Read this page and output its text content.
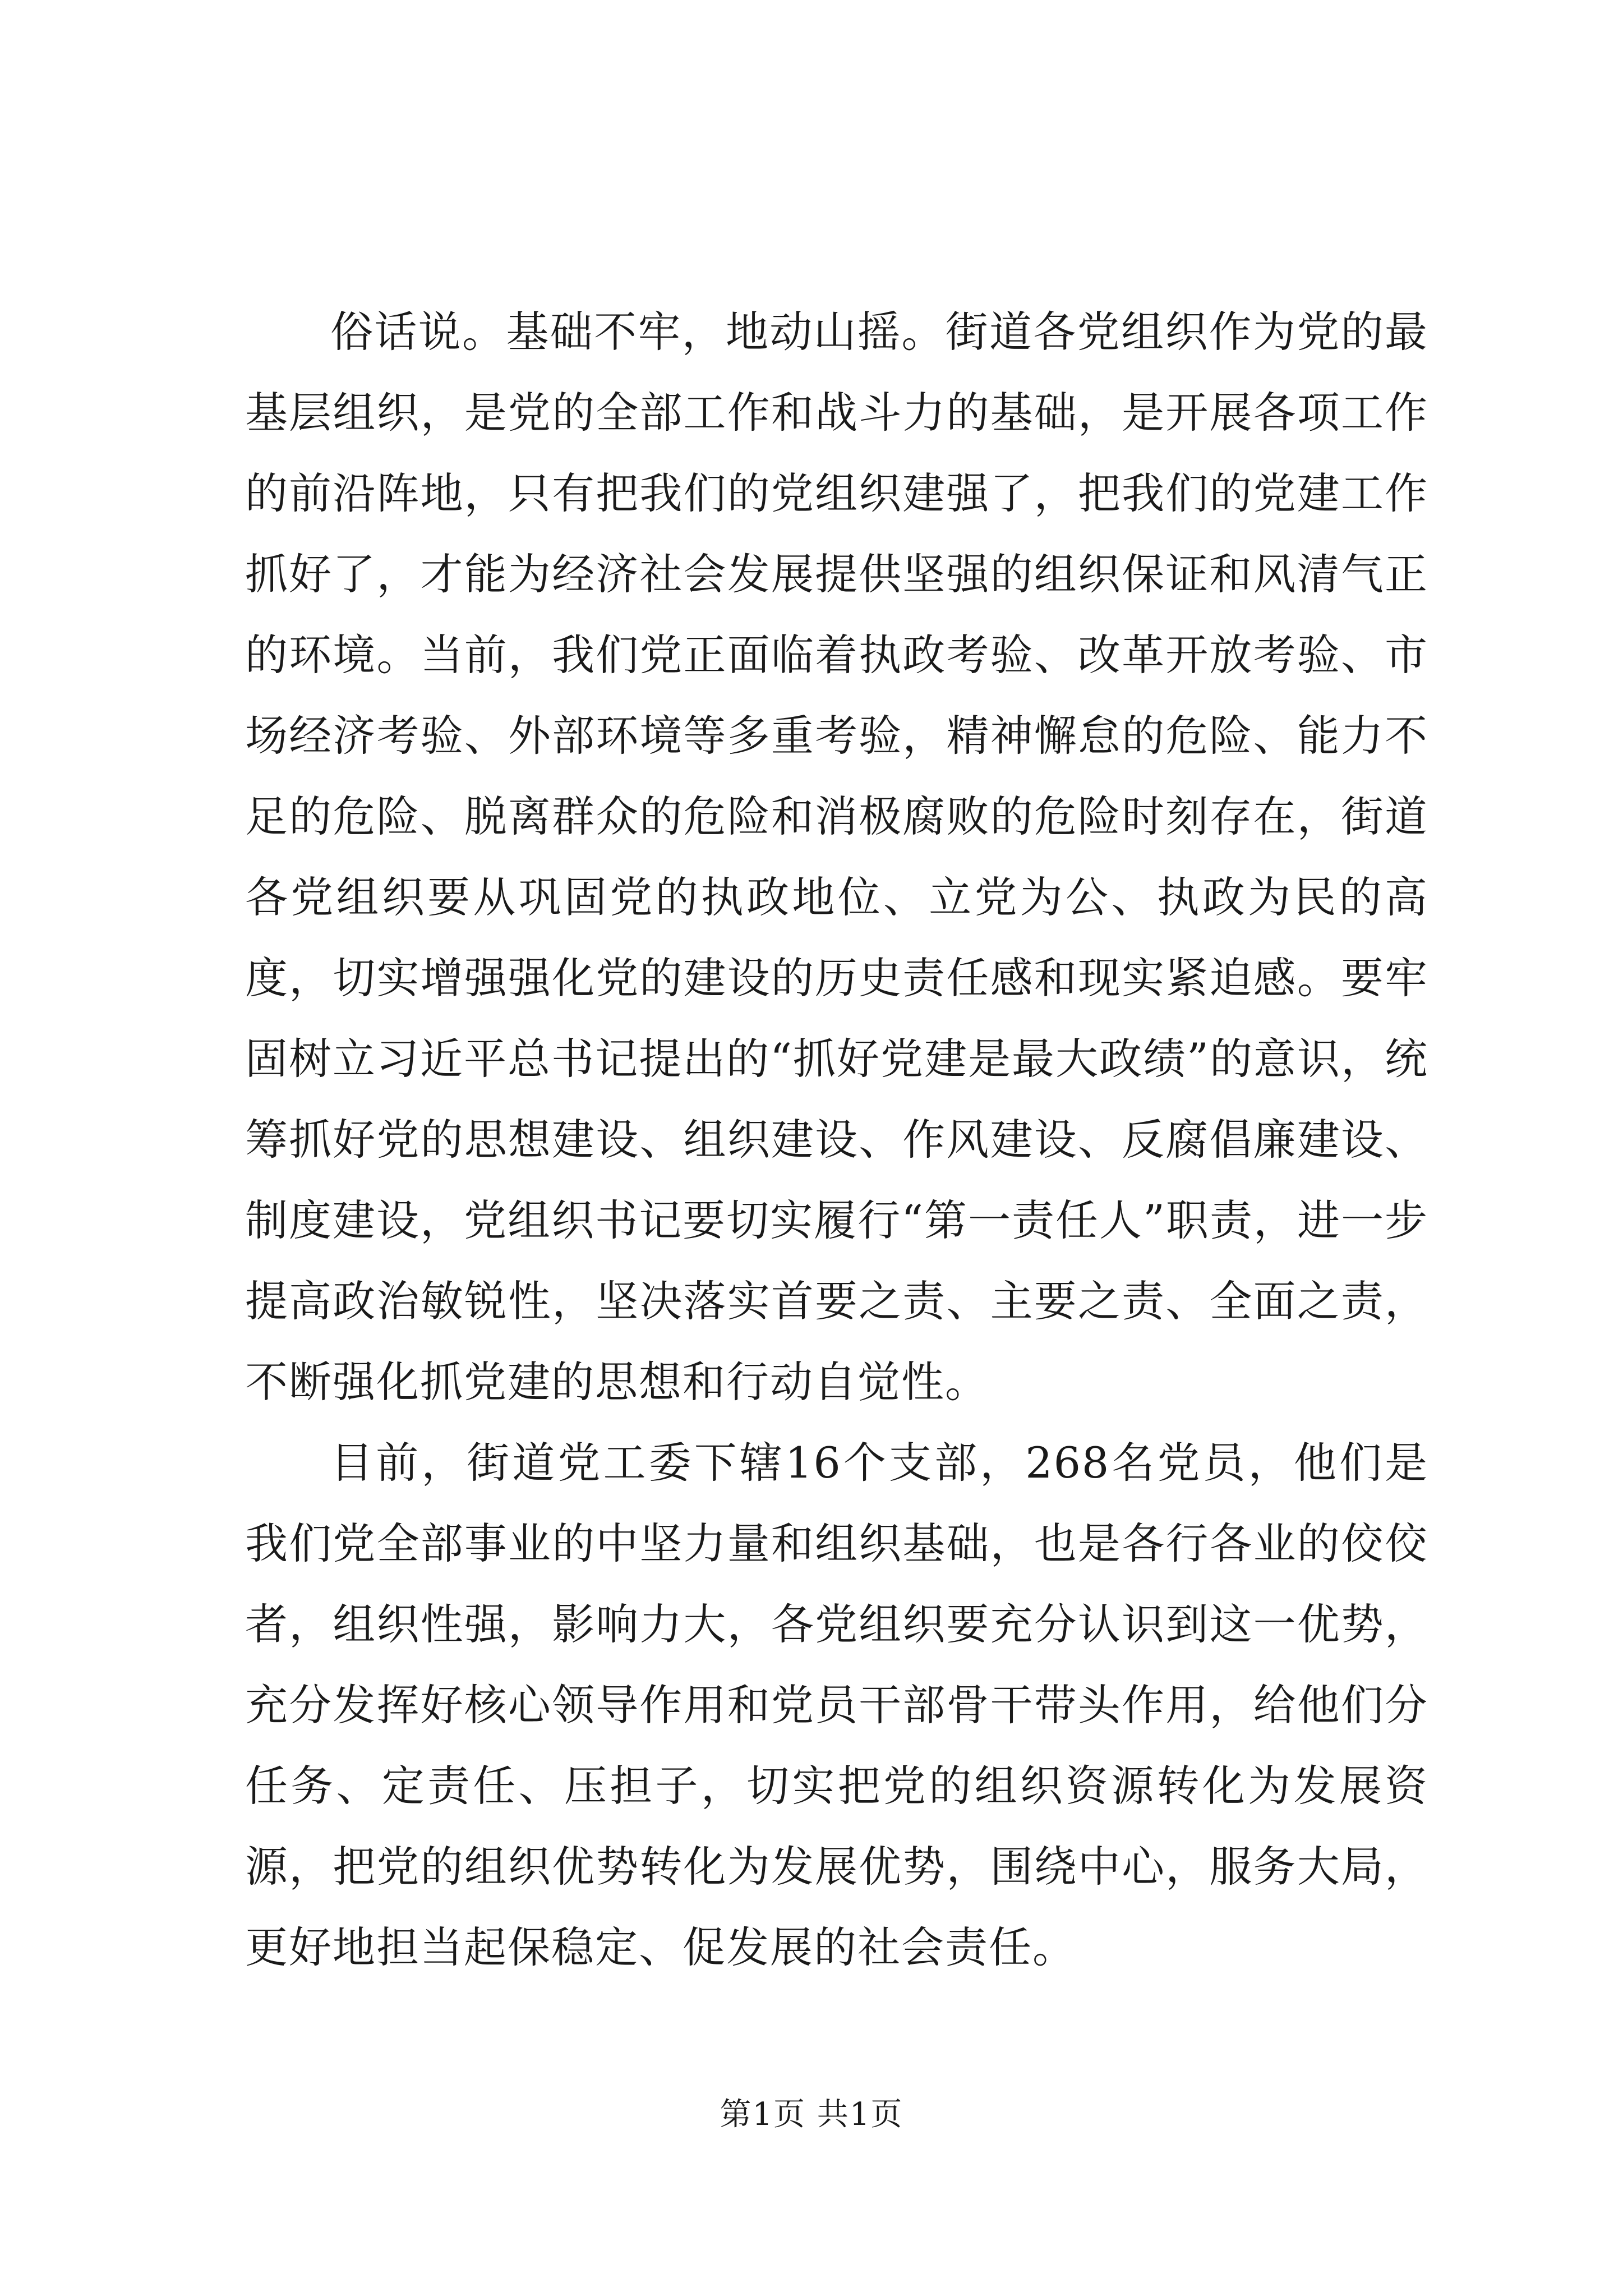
俗话说。基础不牢，地动山摇。街道各党组织作为党的最基层组织，是党的全部工作和战斗力的基础，是开展各项工作的前沿阵地，只有把我们的党组织建强了，把我们的党建工作抓好了，才能为经济社会发展提供坚强的组织保证和风清气正的环境。当前，我们党正面临着执政考验、改革开放考验、市场经济考验、外部环境等多重考验，精神懈怠的危险、能力不足的危险、脱离群众的危险和消极腐败的危险时刻存在，街道各党组织要从巩固党的执政地位、立党为公、执政为民的高度，切实增强强化党的建设的历史责任感和现实紧迫感。要牢固树立习近平总书记提出的“抓好党建是最大政绩”的意识，统筹抓好党的思想建设、组织建设、作风建设、反腐倡廉建设、制度建设，党组织书记要切实履行“第一责任人”职责，进一步提高政治敏锐性，坚决落实首要之责、主要之责、全面之责，不断强化抓党建的思想和行动自觉性。

目前，街道党工委下辖16个支部，268名党员，他们是我们党全部事业的中坚力量和组织基础，也是各行各业的佼佼者，组织性强，影响力大，各党组织要充分认识到这一优势，充分发挥好核心领导作用和党员干部骨干带头作用，给他们分任务、定责任、压担子，切实把党的组织资源转化为发展资源，把党的组织优势转化为发展优势，围绕中心，服务大局，更好地担当起保稳定、促发展的社会责任。

第1页 共1页
